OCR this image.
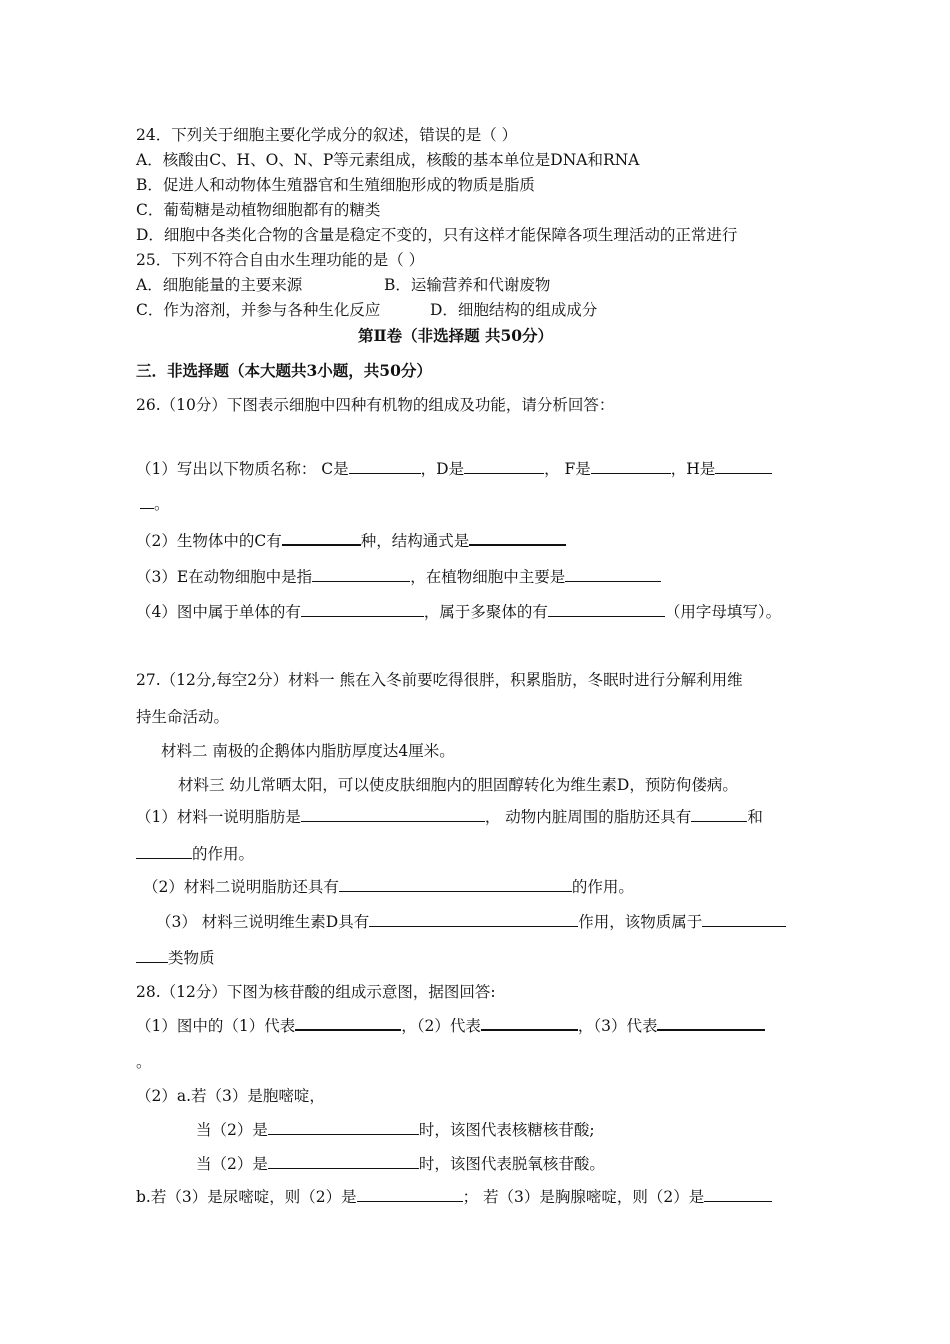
24．下列关于细胞主要化学成分的叙述，错误的是（ ）
A．核酸由C、H、O、N、P等元素组成，核酸的基本单位是DNA和RNA
B．促进人和动物体生殖器官和生殖细胞形成的物质是脂质
C．葡萄糖是动植物细胞都有的糖类
D．细胞中各类化合物的含量是稳定不变的，只有这样才能保障各项生理活动的正常进行
25．下列不符合自由水生理功能的是（ ）
A．细胞能量的主要来源	B．运输营养和代谢废物
C．作为溶剂，并参与各种生化反应	D．细胞结构的组成成分
第Ⅱ卷（非选择题 共50分）
三．非选择题（本大题共3小题，共50分）
26.（10分）下图表示细胞中四种有机物的组成及功能，请分析回答：
（1）写出以下物质名称： C是	，D是	， F是	，H是
。
（2）生物体中的C有	种，结构通式是
（3）E在动物细胞中是指	，在植物细胞中主要是
（4）图中属于单体的有	，属于多聚体的有	（用字母填写）。
27.（12分,每空2分）材料一 熊在入冬前要吃得很胖，积累脂肪，冬眠时进行分解利用维
持生命活动。
材料二 南极的企鹅体内脂肪厚度达4厘米。
材料三 幼儿常晒太阳，可以使皮肤细胞内的胆固醇转化为维生素D，预防佝偻病。
（1）材料一说明脂肪是	， 动物内脏周围的脂肪还具有	和
的作用。
（2）材料二说明脂肪还具有	的作用。
（3） 材料三说明维生素D具有	作用，该物质属于
类物质
28.（12分）下图为核苷酸的组成示意图，据图回答:
（1）图中的（1）代表	，（2）代表	，（3）代表
。
（2）a.若（3）是胞嘧啶，
当（2）是	时，该图代表核糖核苷酸;
当（2）是	时，该图代表脱氧核苷酸。
b.若（3）是尿嘧啶，则（2）是	； 若（3）是胸腺嘧啶，则（2）是
